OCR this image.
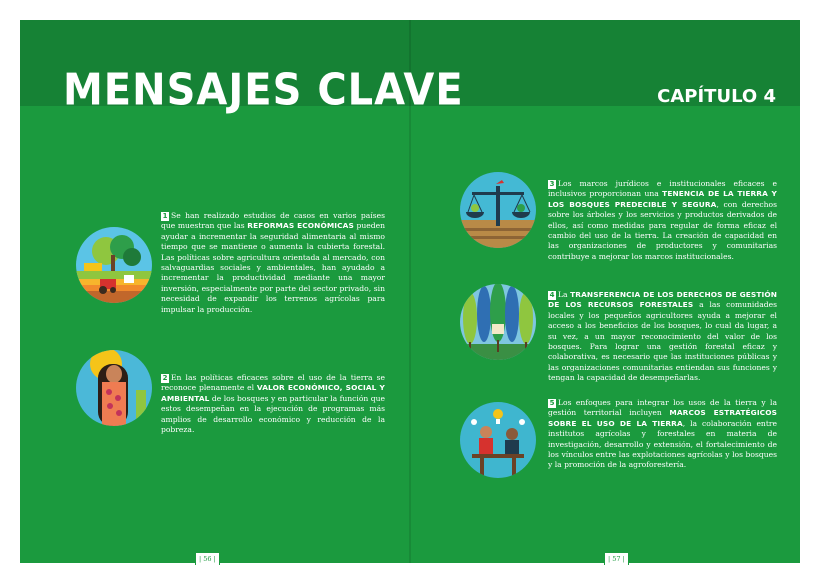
MENSAJES CLAVE	CAPÍTULO 4
1 Se han realizado estudios de casos en varios países que muestran que las REFORMAS ECONÓMICAS pueden ayudar a incrementar la seguridad alimentaria al mismo tiempo que se mantiene o aumenta la cubierta forestal. Las políticas sobre agricultura orientada al mercado, con salvaguardias sociales y ambientales, han ayudado a incrementar la productividad mediante una mayor inversión, especialmente por parte del sector privado, sin necesidad de expandir los terrenos agrícolas para impulsar la producción.
2 En las políticas eficaces sobre el uso de la tierra se reconoce plenamente el VALOR ECONÓMICO, SOCIAL Y AMBIENTAL de los bosques y en particular la función que estos desempeñan en la ejecución de programas más amplios de desarrollo económico y reducción de la pobreza.
3 Los marcos jurídicos e institucionales eficaces e inclusivos proporcionan una TENENCIA DE LA TIERRA Y LOS BOSQUES PREDECIBLE Y SEGURA, con derechos sobre los árboles y los servicios y productos derivados de ellos, así como medidas para regular de forma eficaz el cambio del uso de la tierra. La creación de capacidad en las organizaciones de productores y comunitarias contribuye a mejorar los marcos institucionales.
4 La TRANSFERENCIA DE LOS DERECHOS DE GESTIÓN DE LOS RECURSOS FORESTALES a las comunidades locales y los pequeños agricultores ayuda a mejorar el acceso a los beneficios de los bosques, lo cual da lugar, a su vez, a un mayor reconocimiento del valor de los bosques. Para lograr una gestión forestal eficaz y colaborativa, es necesario que las instituciones públicas y las organizaciones comunitarias entiendan sus funciones y tengan la capacidad de desempeñarlas.
5 Los enfoques para integrar los usos de la tierra y la gestión territorial incluyen MARCOS ESTRATÉGICOS SOBRE EL USO DE LA TIERRA, la colaboración entre institutos agrícolas y forestales en materia de investigación, desarrollo y extensión, el fortalecimiento de los vínculos entre las explotaciones agrícolas y los bosques y la promoción de la agroforestería.
| 56 |	| 57 |
